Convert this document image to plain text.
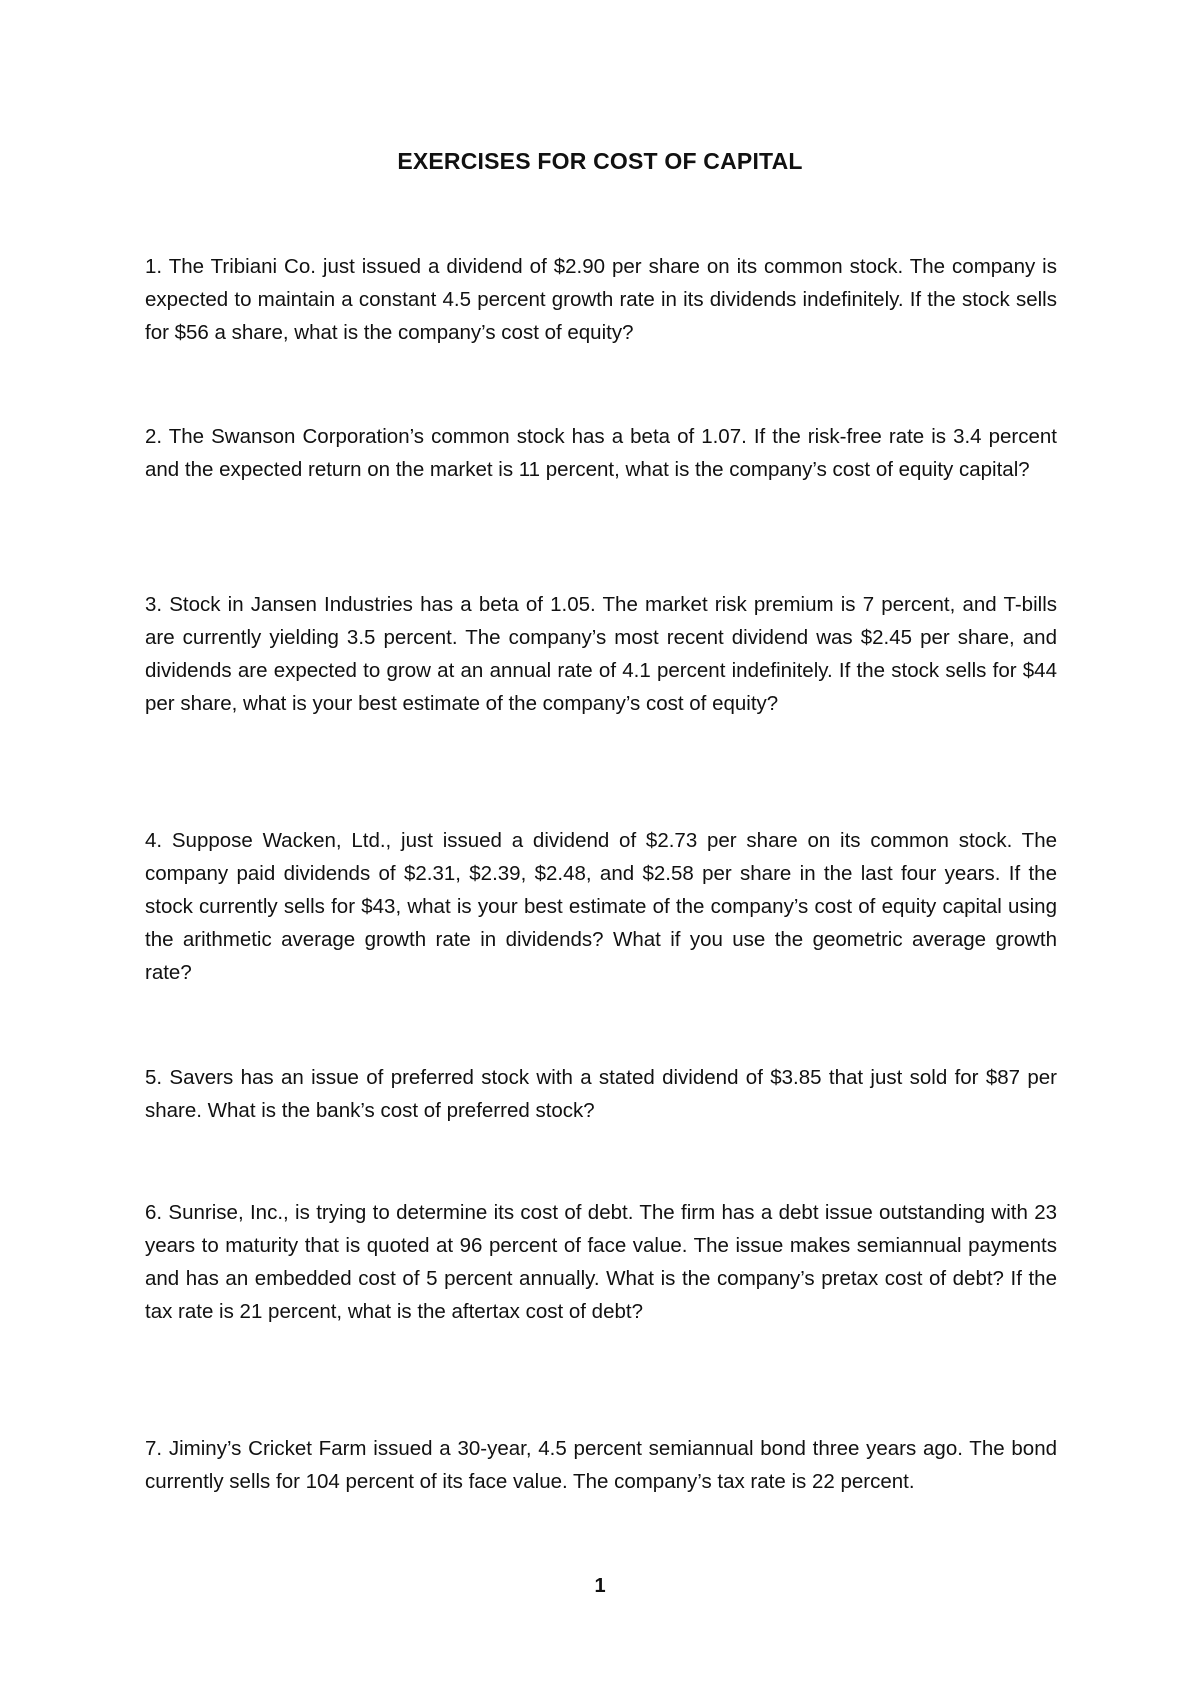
EXERCISES FOR COST OF CAPITAL

1. The Tribiani Co. just issued a dividend of $2.90 per share on its common stock. The company is expected to maintain a constant 4.5 percent growth rate in its dividends indefinitely. If the stock sells for $56 a share, what is the company’s cost of equity?

2. The Swanson Corporation’s common stock has a beta of 1.07. If the risk-free rate is 3.4 percent and the expected return on the market is 11 percent, what is the company’s cost of equity capital?

3. Stock in Jansen Industries has a beta of 1.05. The market risk premium is 7 percent, and T-bills are currently yielding 3.5 percent. The company’s most recent dividend was $2.45 per share, and dividends are expected to grow at an annual rate of 4.1 percent indefinitely. If the stock sells for $44 per share, what is your best estimate of the company’s cost of equity?

4. Suppose Wacken, Ltd., just issued a dividend of $2.73 per share on its common stock. The company paid dividends of $2.31, $2.39, $2.48, and $2.58 per share in the last four years. If the stock currently sells for $43, what is your best estimate of the company’s cost of equity capital using the arithmetic average growth rate in dividends? What if you use the geometric average growth rate?

5. Savers has an issue of preferred stock with a stated dividend of $3.85 that just sold for $87 per share. What is the bank’s cost of preferred stock?

6. Sunrise, Inc., is trying to determine its cost of debt. The firm has a debt issue outstanding with 23 years to maturity that is quoted at 96 percent of face value. The issue makes semiannual payments and has an embedded cost of 5 percent annually. What is the company’s pretax cost of debt? If the tax rate is 21 percent, what is the aftertax cost of debt?

7. Jiminy’s Cricket Farm issued a 30-year, 4.5 percent semiannual bond three years ago. The bond currently sells for 104 percent of its face value. The company’s tax rate is 22 percent.

1
